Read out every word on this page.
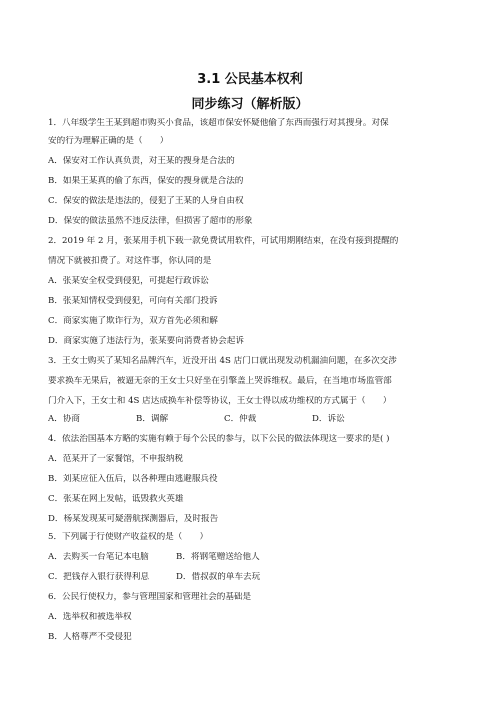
3.1 公民基本权利
同步练习（解析版）
1．八年级学生王某到超市购买小食品，该超市保安怀疑他偷了东西而强行对其搜身。对保
安的行为理解正确的是（　　）
A．保安对工作认真负责，对王某的搜身是合法的
B．如果王某真的偷了东西，保安的搜身就是合法的
C．保安的做法是违法的，侵犯了王某的人身自由权
D．保安的做法虽然不违反法律，但损害了超市的形象
2．2019 年 2 月，张某用手机下载一款免费试用软件，可试用期刚结束，在没有接到提醒的
情况下就被扣费了。对这件事，你认同的是
A．张某安全权受到侵犯，可提起行政诉讼
B．张某知情权受到侵犯，可向有关部门投诉
C．商家实施了欺诈行为，双方首先必须和解
D．商家实施了违法行为，张某要向消费者协会起诉
3．王女士购买了某知名品牌汽车，近没开出 4S 店门口就出现发动机漏油问题，在多次交涉
要求换车无果后，被逼无奈的王女士只好坐在引擎盖上哭诉维权。最后，在当地市场监管部
门介入下，王女士和 4S 店达成换车补偿等协议，王女士得以成功维权的方式属于（　　）
A．协商	B．调解	C．仲裁	D．诉讼
4．依法治国基本方略的实施有赖于每个公民的参与，以下公民的做法体现这一要求的是( )
A．范某开了一家餐馆，不申报纳税
B．刘某应征入伍后，以各种理由逃避服兵役
C．张某在网上发帖，诋毁救火英雄
D．杨某发现某可疑潜航探测器后，及时报告
5．下列属于行使财产收益权的是（　　）
A．去购买一台笔记本电脑	B．将钢笔赠送给他人
C．把钱存入银行获得利息	D．借叔叔的单车去玩
6．公民行使权力，参与管理国家和管理社会的基础是
A．选举权和被选举权
B．人格尊严不受侵犯
